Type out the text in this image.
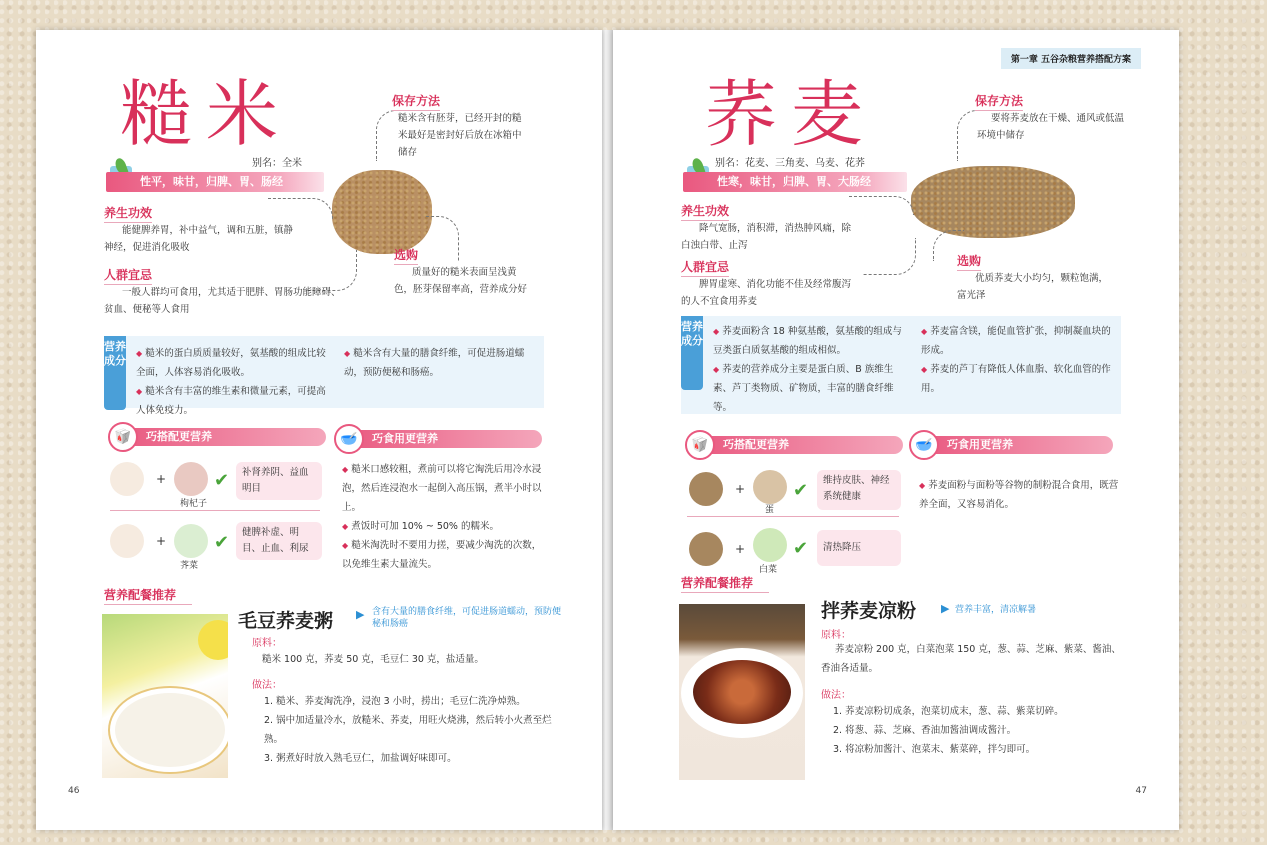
糙米
别名：全米
性平，味甘，归脾、胃、肠经
保存方法
糙米含有胚芽，已经开封的糙米最好是密封好后放在冰箱中储存
养生功效
能健脾养胃，补中益气，调和五脏，镇静神经，促进消化吸收
人群宜忌
一般人群均可食用，尤其适于肥胖、胃肠功能障碍、贫血、便秘等人食用
选购
质量好的糙米表面呈浅黄色，胚芽保留率高，营养成分好
营养成分
◆ 糙米的蛋白质质量较好，氨基酸的组成比较全面，人体容易消化吸收。
◆ 糙米含有丰富的维生素和微量元素，可提高人体免疫力。
◆ 糙米含有大量的膳食纤维，可促进肠道蠕动，预防便秘和肠癌。
巧搭配更营养
🥡	巧食用更营养
🥣
+
枸杞子
✔	补肾养阴、益血明目
+
荠菜
✔	健脾补虚、明目、止血、利尿
◆ 糙米口感较粗，煮前可以将它淘洗后用冷水浸泡，然后连浸泡水一起倒入高压锅，煮半小时以上。
◆ 煮饭时可加 10% ~ 50% 的糯米。
◆ 糙米淘洗时不要用力搓，要减少淘洗的次数，以免维生素大量流失。
营养配餐推荐
毛豆荞麦粥 ▶ 含有大量的膳食纤维，可促进肠道蠕动，预防便秘和肠癌
原料：
糙米 100 克，荞麦 50 克，毛豆仁 30 克，盐适量。
做法：
1. 糙米、荞麦淘洗净，浸泡 3 小时，捞出；毛豆仁洗净焯熟。
2. 锅中加适量冷水，放糙米、荞麦，用旺火烧沸，然后转小火煮至烂熟。
3. 粥煮好时放入熟毛豆仁，加盐调好味即可。
46
第一章 五谷杂粮营养搭配方案
荞麦
别名：花麦、三角麦、乌麦、花荞
性寒，味甘，归脾、胃、大肠经
保存方法
要将荞麦放在干燥、通风或低温环境中储存
养生功效
降气宽肠，消积滞，消热肿风痛，除白浊白带、止泻
人群宜忌
脾胃虚寒、消化功能不佳及经常腹泻的人不宜食用荞麦
选购
优质荞麦大小均匀，颗粒饱满，富光泽
营养成分
◆ 荞麦面粉含 18 种氨基酸，氨基酸的组成与豆类蛋白质氨基酸的组成相似。
◆ 荞麦的营养成分主要是蛋白质、B 族维生素、芦丁类物质、矿物质，丰富的膳食纤维等。
◆ 荞麦富含镁，能促血管扩张，抑制凝血块的形成。
◆ 荞麦的芦丁有降低人体血脂、软化血管的作用。
巧搭配更营养
🥡	巧食用更营养
🥣
+
蛋
✔	维持皮肤、神经系统健康
+
白菜
✔	清热降压
◆ 荞麦面粉与面粉等谷物的制粉混合食用，既营养全面，又容易消化。
营养配餐推荐
拌荞麦凉粉 ▶ 营养丰富，清凉解暑
原料：
荞麦凉粉 200 克，白菜泡菜 150 克，葱、蒜、芝麻、紫菜、酱油、香油各适量。
做法：
1. 荞麦凉粉切成条，泡菜切成末，葱、蒜、紫菜切碎。
2. 将葱、蒜、芝麻、香油加酱油调成酱汁。
3. 将凉粉加酱汁、泡菜末、紫菜碎，拌匀即可。
47
